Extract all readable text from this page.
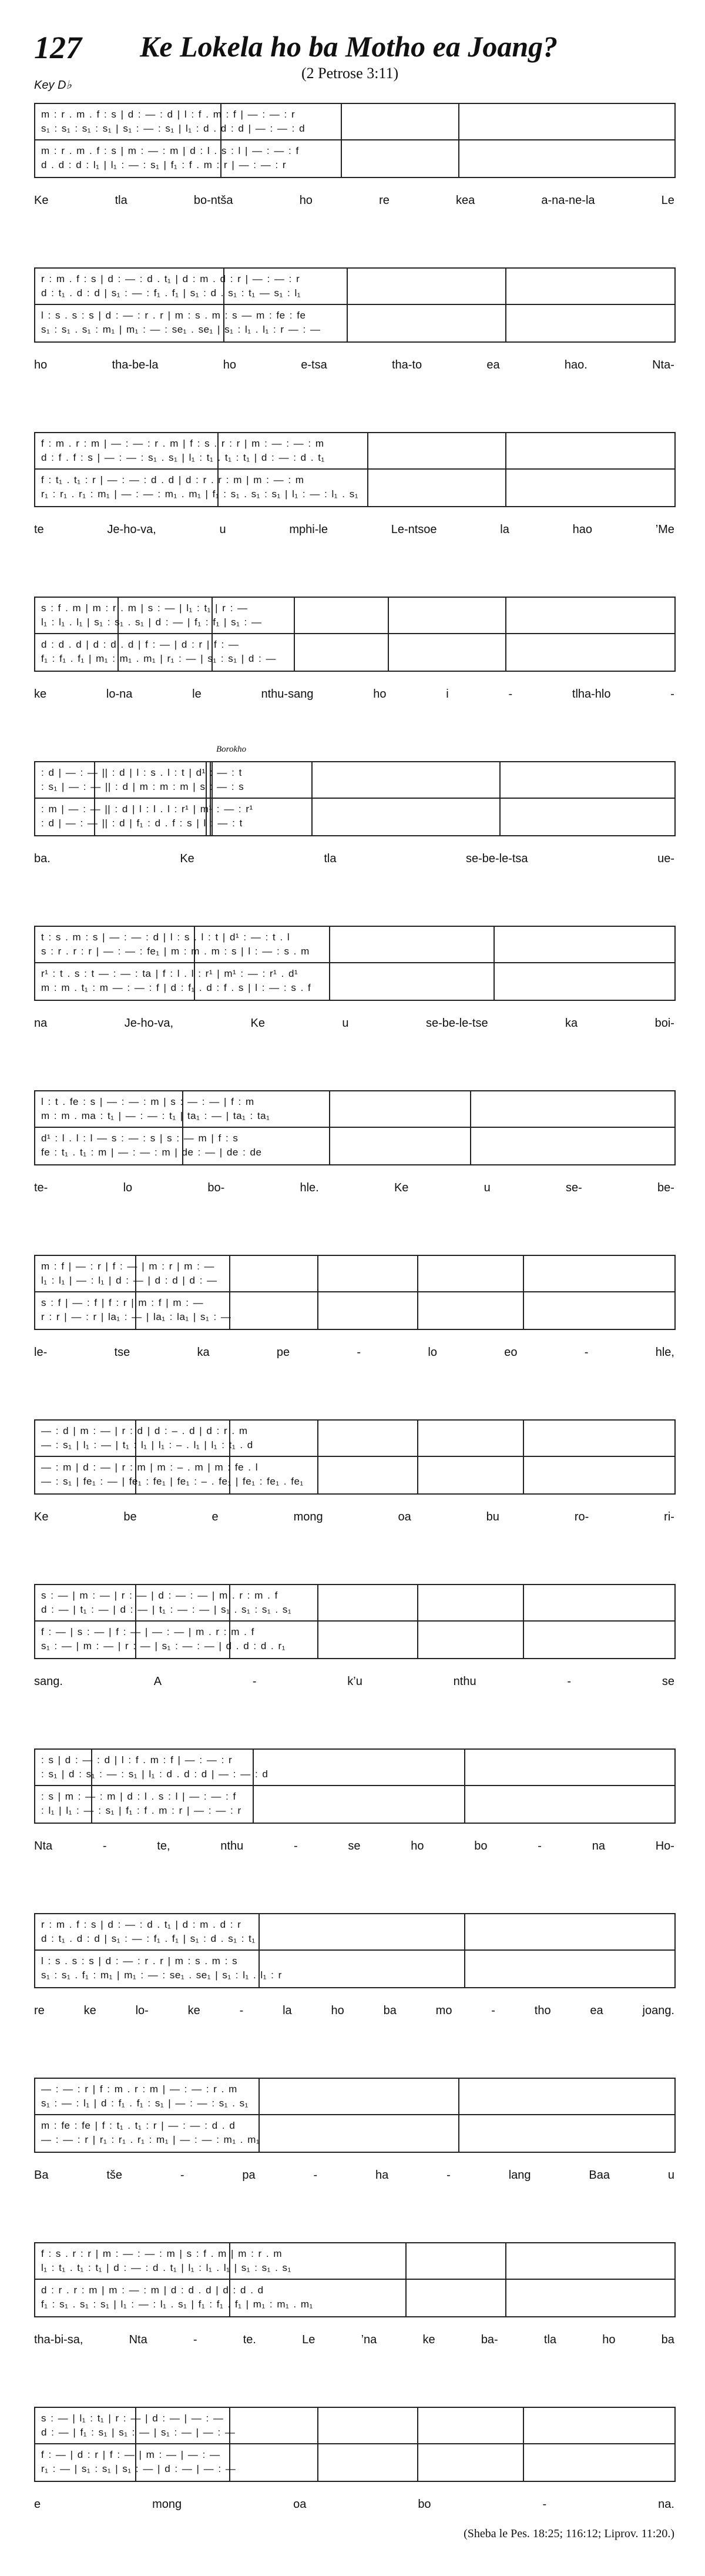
127 Ke Lokela ho ba Motho ea Joang?
(2 Petrose 3:11)
Key D♭
m : r . m . f : s | d : — : d | l : f . m : f | — : — : r
s₁ : s₁ : s₁ : s₁ | s₁ : — : s₁ | l₁ : d . d : d | — : — : d
m : r . m . f : s | m : — : m | d : l . s : l | — : — : f
d . d : d : l₁ | l₁ : — : s₁ | f₁ : f . m : r | — : — : r
Ke	tla	bo-ntša	ho	re	kea	a-na-ne-la	Le
r : m . f : s | d : — : d . t₁ | d : m . d : r | — : — : r
d : t₁ . d : d | s₁ : — : f₁ . f₁ | s₁ : d . s₁ : t₁ — s₁ : l₁
l : s . s : s | d : — : r . r | m : s . m : s — m : fe : fe
s₁ : s₁ . s₁ : m₁ | m₁ : — : se₁ . se₁ | s₁ : l₁ . l₁ : r — : —
ho	tha-be-la	ho	e-tsa	tha-to	ea	hao.	Nta-
f : m . r : m | — : — : r . m | f : s . r : r | m : — : — : m
d : f . f : s | — : — : s₁ . s₁ | l₁ : t₁ . t₁ : t₁ | d : — : d . t₁
f : t₁ . t₁ : r | — : — : d . d | d : r . r : m | m : — : m
r₁ : r₁ . r₁ : m₁ | — : — : m₁ . m₁ | f₁ : s₁ . s₁ : s₁ | l₁ : — : l₁ . s₁
te	Je-ho-va,	u	mphi-le	Le-ntsoe	la	hao	’Me
s : f . m | m : r . m | s : — | l₁ : t₁ | r : —
l₁ : l₁ . l₁ | s₁ : s₁ . s₁ | d : — | f₁ : f₁ | s₁ : —
d : d . d | d : d . d | f : — | d : r | f : —
f₁ : f₁ . f₁ | m₁ : m₁ . m₁ | r₁ : — | s₁ : s₁ | d : —
ke	lo-na	le	nthu-sang	ho	i	-	tlha-hlo	-
Borokho
: d | — : — || : d | l : s . l : t | d¹ : — : t
: s₁ | — : — || : d | m : m : m | s : — : s
: m | — : — || : d | l : l . l : r¹ | m¹ : — : r¹
: d | — : — || : d | f₁ : d . f : s | l : — : t
ba.	Ke	tla	se-be-le-tsa	ue-
t : s . m : s | — : — : d | l : s . l : t | d¹ : — : t . l
s : r . r : r | — : — : fe₁ | m : m . m : s | l : — : s . m
r¹ : t . s : t — : — : ta | f : l . l : r¹ | m¹ : — : r¹ . d¹
m : m . t₁ : m — : — : f | d : f₁ . d : f . s | l : — : s . f
na	Je-ho-va,	Ke	u	se-be-le-tse	ka	boi-
l : t . fe : s | — : — : m | s : — : — | f : m
m : m . ma : t₁ | — : — : t₁ | ta₁ : — | ta₁ : ta₁
d¹ : l . l : l — s : — : s | s : — m | f : s
fe : t₁ . t₁ : m | — : — : m | de : — | de : de
te-	lo	bo-	hle.	Ke	u	se-	be-
m : f | — : r | f : — | m : r | m : —
l₁ : l₁ | — : l₁ | d : — | d : d | d : —
s : f | — : f | f : r | m : f | m : —
r : r | — : r | la₁ : — | la₁ : la₁ | s₁ : —
le-	tse	ka	pe	-	lo	eo	-	hle,
— : d | m : — | r : d | d : – . d | d : r . m
— : s₁ | l₁ : — | t₁ : l₁ | l₁ : – . l₁ | l₁ : t₁ . d
— : m | d : — | r : m | m : – . m | m : fe . l
— : s₁ | fe₁ : — | fe₁ : fe₁ | fe₁ : – . fe₁ | fe₁ : fe₁ . fe₁
Ke	be	e	mong	oa	bu	ro-	ri-
s : — | m : — | r : — | d : — : — | m . r : m . f
d : — | t₁ : — | d : — | t₁ : — : — | s₁ . s₁ : s₁ . s₁
f : — | s : — | f : — | — : — | m . r : m . f
s₁ : — | m : — | r : — | s₁ : — : — | d . d : d . r₁
sang.	A	-	k’u	nthu	-	se
: s | d : — : d | l : f . m : f | — : — : r
: s₁ | d : s₁ : — : s₁ | l₁ : d . d : d | — : — : d
: s | m : — : m | d : l . s : l | — : — : f
: l₁ | l₁ : — : s₁ | f₁ : f . m : r | — : — : r
Nta	-	te,	nthu	-	se	ho	bo	-	na	Ho-
r : m . f : s | d : — : d . t₁ | d : m . d : r
d : t₁ . d : d | s₁ : — : f₁ . f₁ | s₁ : d . s₁ : t₁
l : s . s : s | d : — : r . r | m : s . m : s
s₁ : s₁ . f₁ : m₁ | m₁ : — : se₁ . se₁ | s₁ : l₁ . l₁ : r
re	ke	lo-	ke	-	la	ho	ba	mo	-	tho	ea	joang.
— : — : r | f : m . r : m | — : — : r . m
s₁ : — : l₁ | d : f₁ . f₁ : s₁ | — : — : s₁ . s₁
m : fe : fe | f : t₁ . t₁ : r | — : — : d . d
— : — : r | r₁ : r₁ . r₁ : m₁ | — : — : m₁ . m₁
Ba	tše	-	pa	-	ha	-	lang	Baa	u
f : s . r : r | m : — : — : m | s : f . m | m : r . m
l₁ : t₁ . t₁ : t₁ | d : — : d . t₁ | l₁ : l₁ . l₁ | s₁ : s₁ . s₁
d : r . r : m | m : — : m | d : d . d | d : d . d
f₁ : s₁ . s₁ : s₁ | l₁ : — : l₁ . s₁ | f₁ : f₁ . f₁ | m₁ : m₁ . m₁
tha-bi-sa,	Nta	-	te.	Le	’na	ke	ba-	tla	ho	ba
s : — | l₁ : t₁ | r : — | d : — | — : —
d : — | f₁ : s₁ | s₁ : — | s₁ : — | — : —
f : — | d : r | f : — | m : — | — : —
r₁ : — | s₁ : s₁ | s₁ : — | d : — | — : —
e	mong	oa	bo	-	na.
(Sheba le Pes. 18:25; 116:12; Liprov. 11:20.)
